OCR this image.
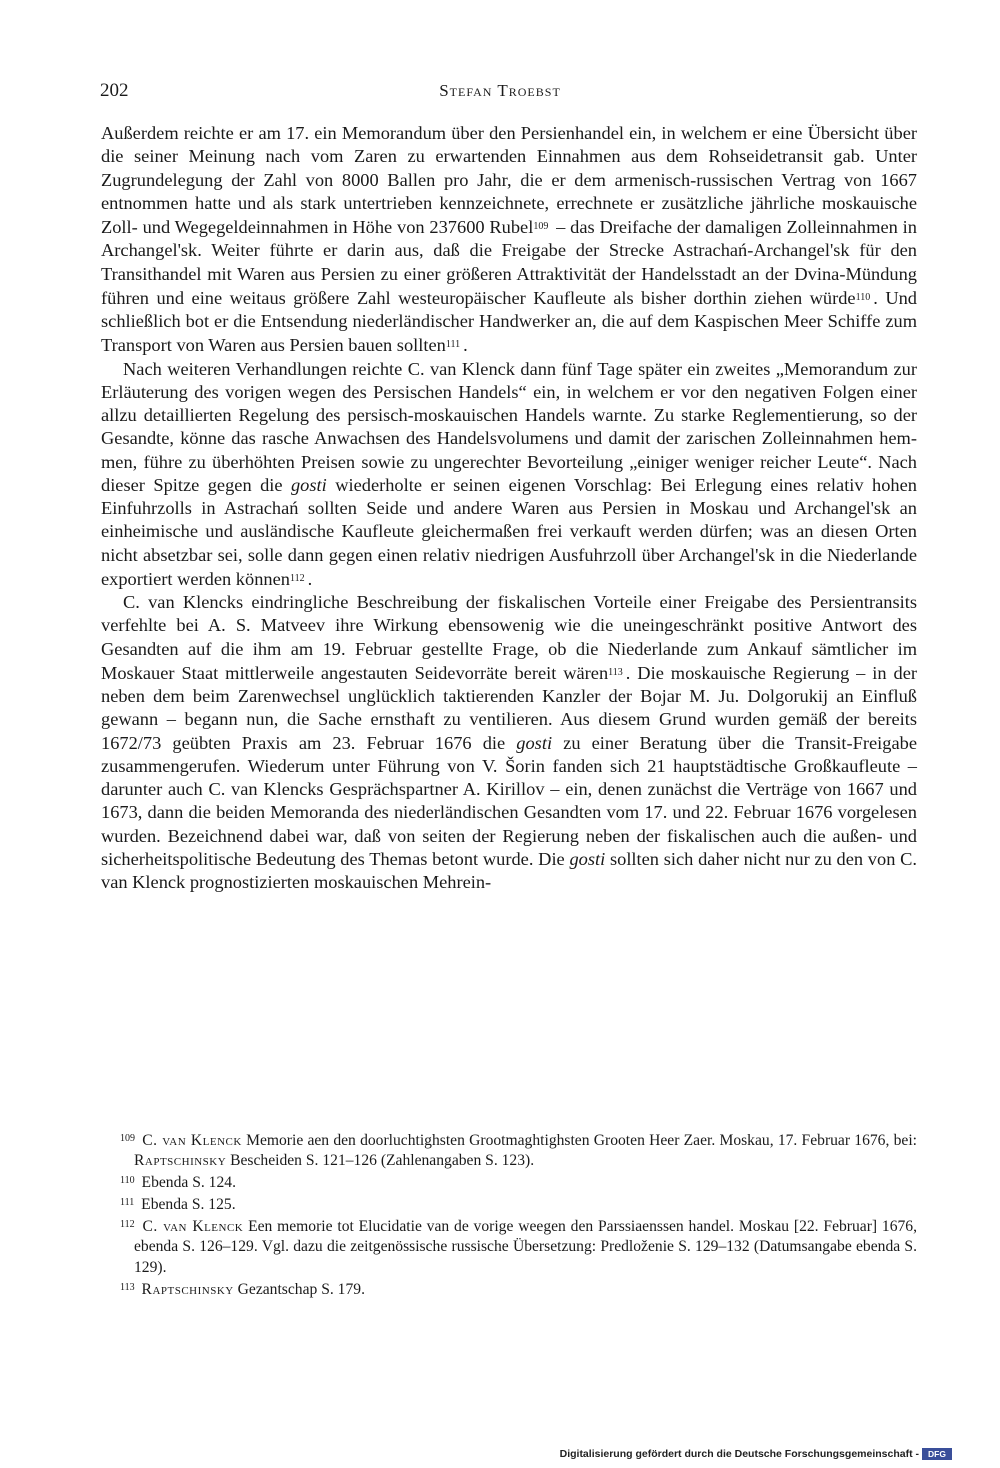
202	Stefan Troebst

Außerdem reichte er am 17. ein Memorandum über den Persienhandel ein, in welchem er eine Übersicht über die seiner Meinung nach vom Zaren zu erwartenden Einnahmen aus dem Rohseidetransit gab. Unter Zugrundelegung der Zahl von 8000 Ballen pro Jahr, die er dem armenisch-russischen Vertrag von 1667 entnommen hatte und als stark untertrieben kennzeichnete, errechnete er zusätzliche jährliche moskauische Zoll- und Wegegeldeinnahmen in Höhe von 237600 Rubel$^{109}$ – das Dreifache der damaligen Zolleinnahmen in Archangel'sk. Weiter führte er darin aus, daß die Freigabe der Strecke Astrachań-Archangel'sk für den Transithandel mit Waren aus Persien zu einer größeren Attraktivität der Handelsstadt an der Dvina-Mündung führen und eine weitaus größere Zahl westeuropäischer Kaufleute als bisher dorthin ziehen würde$^{110}$ . Und schließlich bot er die Entsendung niederländischer Handwerker an, die auf dem Kaspischen Meer Schiffe zum Transport von Waren aus Persien bauen sollten$^{111}$ .

Nach weiteren Verhandlungen reichte C. van Klenck dann fünf Tage später ein zweites „Memorandum zur Erläuterung des vorigen wegen des Persischen Handels“ ein, in welchem er vor den negativen Folgen einer allzu detaillierten Regelung des persisch-moskauischen Handels warnte. Zu starke Reglementierung, so der Gesandte, könne das rasche Anwachsen des Handelsvolumens und damit der zarischen Zolleinnahmen hemmen, führe zu überhöhten Preisen sowie zu ungerechter Bevorteilung „einiger weniger reicher Leute“. Nach dieser Spitze gegen die gosti wiederholte er seinen eigenen Vorschlag: Bei Erlegung eines relativ hohen Einfuhrzolls in Astrachań sollten Seide und andere Waren aus Persien in Moskau und Archangel'sk an einheimische und ausländische Kaufleute gleichermaßen frei verkauft werden dürfen; was an diesen Orten nicht absetzbar sei, solle dann gegen einen relativ niedrigen Ausfuhrzoll über Archangel'sk in die Niederlande exportiert werden können$^{112}$ .

C. van Klencks eindringliche Beschreibung der fiskalischen Vorteile einer Freigabe des Persientransits verfehlte bei A. S. Matveev ihre Wirkung ebensowenig wie die uneingeschränkt positive Antwort des Gesandten auf die ihm am 19. Februar gestellte Frage, ob die Niederlande zum Ankauf sämtlicher im Moskauer Staat mittlerweile angestauten Seidevorräte bereit wären$^{113}$ . Die moskauische Regierung – in der neben dem beim Zarenwechsel unglücklich taktierenden Kanzler der Bojar M. Ju. Dolgorukij an Einfluß gewann – begann nun, die Sache ernsthaft zu ventilieren. Aus diesem Grund wurden gemäß der bereits 1672/73 geübten Praxis am 23. Februar 1676 die gosti zu einer Beratung über die Transit-Freigabe zusammengerufen. Wiederum unter Führung von V. Šorin fanden sich 21 hauptstädtische Großkaufleute – darunter auch C. van Klencks Gesprächspartner A. Kirillov – ein, denen zunächst die Verträge von 1667 und 1673, dann die beiden Memoranda des niederländischen Gesandten vom 17. und 22. Februar 1676 vorgelesen wurden. Bezeichnend dabei war, daß von seiten der Regierung neben der fiskalischen auch die außen- und sicherheitspolitische Bedeutung des Themas betont wurde. Die gosti sollten sich daher nicht nur zu den von C. van Klenck prognostizierten moskauischen Mehrein-

$^{109}$ C. van Klenck Memorie aen den doorluchtighsten Grootmaghtighsten Grooten Heer Zaer. Moskau, 17. Februar 1676, bei: Raptschinsky Bescheiden S. 121–126 (Zahlenangaben S. 123).

$^{110}$ Ebenda S. 124.

$^{111}$ Ebenda S. 125.

$^{112}$ C. van Klenck Een memorie tot Elucidatie van de vorige weegen den Parssiaenssen handel. Moskau [22. Februar] 1676, ebenda S. 126–129. Vgl. dazu die zeitgenössische russische Übersetzung: Predloženie S. 129–132 (Datumsangabe ebenda S. 129).

$^{113}$ Raptschinsky Gezantschap S. 179.

Digitalisierung gefördert durch die Deutsche Forschungsgemeinschaft -	DFG
